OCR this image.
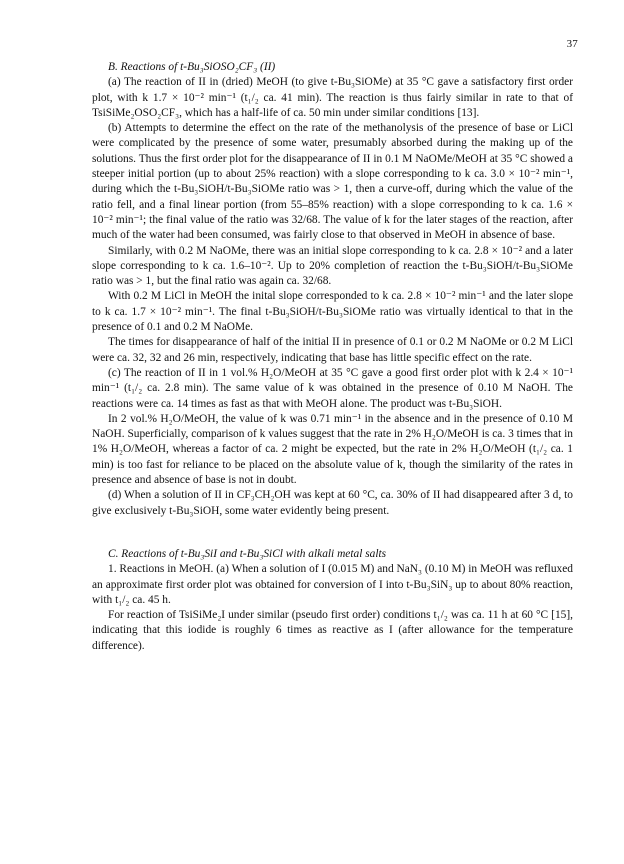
37

B. Reactions of t-Bu₃SiOSO₂CF₃ (II)

(a) The reaction of II in (dried) MeOH (to give t-Bu₃SiOMe) at 35 °C gave a satisfactory first order plot, with k 1.7 × 10⁻² min⁻¹ (t₁/₂ ca. 41 min). The reaction is thus fairly similar in rate to that of TsiSiMe₂OSO₂CF₃, which has a half-life of ca. 50 min under similar conditions [13].

(b) Attempts to determine the effect on the rate of the methanolysis of the presence of base or LiCl were complicated by the presence of some water, presumably absorbed during the making up of the solutions. Thus the first order plot for the disappearance of II in 0.1 M NaOMe/MeOH at 35 °C showed a steeper initial portion (up to about 25% reaction) with a slope corresponding to k ca. 3.0 × 10⁻² min⁻¹, during which the t-Bu₃SiOH/t-Bu₃SiOMe ratio was > 1, then a curve-off, during which the value of the ratio fell, and a final linear portion (from 55–85% reaction) with a slope corresponding to k ca. 1.6 × 10⁻² min⁻¹; the final value of the ratio was 32/68. The value of k for the later stages of the reaction, after much of the water had been consumed, was fairly close to that observed in MeOH in absence of base.

Similarly, with 0.2 M NaOMe, there was an initial slope corresponding to k ca. 2.8 × 10⁻² and a later slope corresponding to k ca. 1.6–10⁻². Up to 20% completion of reaction the t-Bu₃SiOH/t-Bu₃SiOMe ratio was > 1, but the final ratio was again ca. 32/68.

With 0.2 M LiCl in MeOH the inital slope corresponded to k ca. 2.8 × 10⁻² min⁻¹ and the later slope to k ca. 1.7 × 10⁻² min⁻¹. The final t-Bu₃SiOH/t-Bu₃SiOMe ratio was virtually identical to that in the presence of 0.1 and 0.2 M NaOMe.

The times for disappearance of half of the initial II in presence of 0.1 or 0.2 M NaOMe or 0.2 M LiCl were ca. 32, 32 and 26 min, respectively, indicating that base has little specific effect on the rate.

(c) The reaction of II in 1 vol.% H₂O/MeOH at 35 °C gave a good first order plot with k 2.4 × 10⁻¹ min⁻¹ (t₁/₂ ca. 2.8 min). The same value of k was obtained in the presence of 0.10 M NaOH. The reactions were ca. 14 times as fast as that with MeOH alone. The product was t-Bu₃SiOH.

In 2 vol.% H₂O/MeOH, the value of k was 0.71 min⁻¹ in the absence and in the presence of 0.10 M NaOH. Superficially, comparison of k values suggest that the rate in 2% H₂O/MeOH is ca. 3 times that in 1% H₂O/MeOH, whereas a factor of ca. 2 might be expected, but the rate in 2% H₂O/MeOH (t₁/₂ ca. 1 min) is too fast for reliance to be placed on the absolute value of k, though the similarity of the rates in presence and absence of base is not in doubt.

(d) When a solution of II in CF₃CH₂OH was kept at 60 °C, ca. 30% of II had disappeared after 3 d, to give exclusively t-Bu₃SiOH, some water evidently being present.

C. Reactions of t-Bu₃SiI and t-Bu₃SiCl with alkali metal salts

1. Reactions in MeOH. (a) When a solution of I (0.015 M) and NaN₃ (0.10 M) in MeOH was refluxed an approximate first order plot was obtained for conversion of I into t-Bu₃SiN₃ up to about 80% reaction, with t₁/₂ ca. 45 h.

For reaction of TsiSiMe₂I under similar (pseudo first order) conditions t₁/₂ was ca. 11 h at 60 °C [15], indicating that this iodide is roughly 6 times as reactive as I (after allowance for the temperature difference).
